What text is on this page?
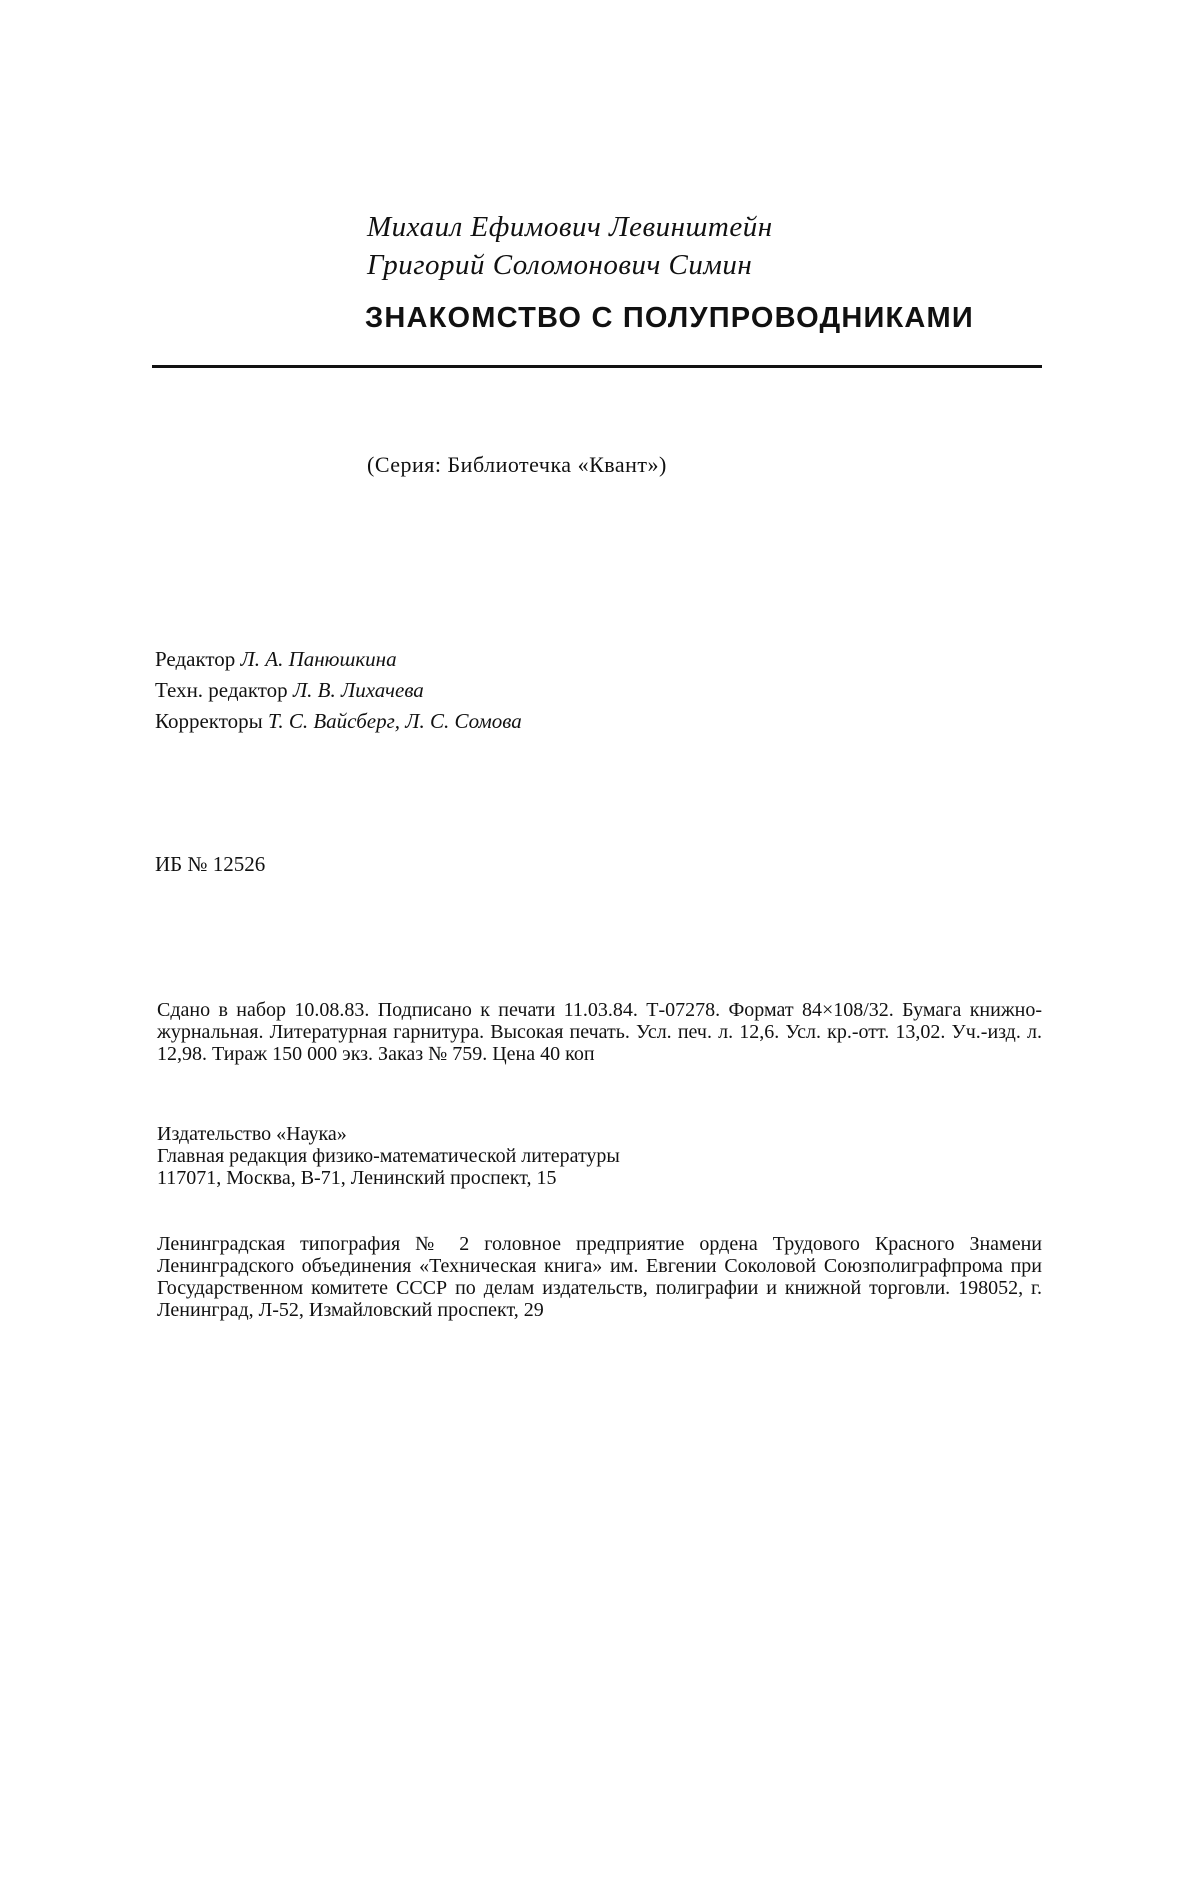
Михаил Ефимович Левинштейн
Григорий Соломонович Симин
ЗНАКОМСТВО С ПОЛУПРОВОДНИКАМИ
(Серия: Библиотечка «Квант»)
Редактор Л. А. Панюшкина
Техн. редактор Л. В. Лихачева
Корректоры Т. С. Вайсберг, Л. С. Сомова
ИБ № 12526

Сдано в набор 10.08.83. Подписано к печати 11.03.84. Т-07278. Формат 84×108/32. Бумага книжно-журнальная. Литературная гарнитура. Высокая печать. Усл. печ. л. 12,6. Усл. кр.-отт. 13,02. Уч.-изд. л. 12,98. Тираж 150 000 экз. Заказ № 759. Цена 40 коп

Издательство «Наука»
Главная редакция физико-математической литературы
117071, Москва, В-71, Ленинский проспект, 15

Ленинградская типография № 2 головное предприятие ордена Трудового Красного Знамени Ленинградского объединения «Техническая книга» им. Евгении Соколовой Союзполиграфпрома при Государственном комитете СССР по делам издательств, полиграфии и книжной торговли. 198052, г. Ленинград, Л-52, Измайловский проспект, 29
